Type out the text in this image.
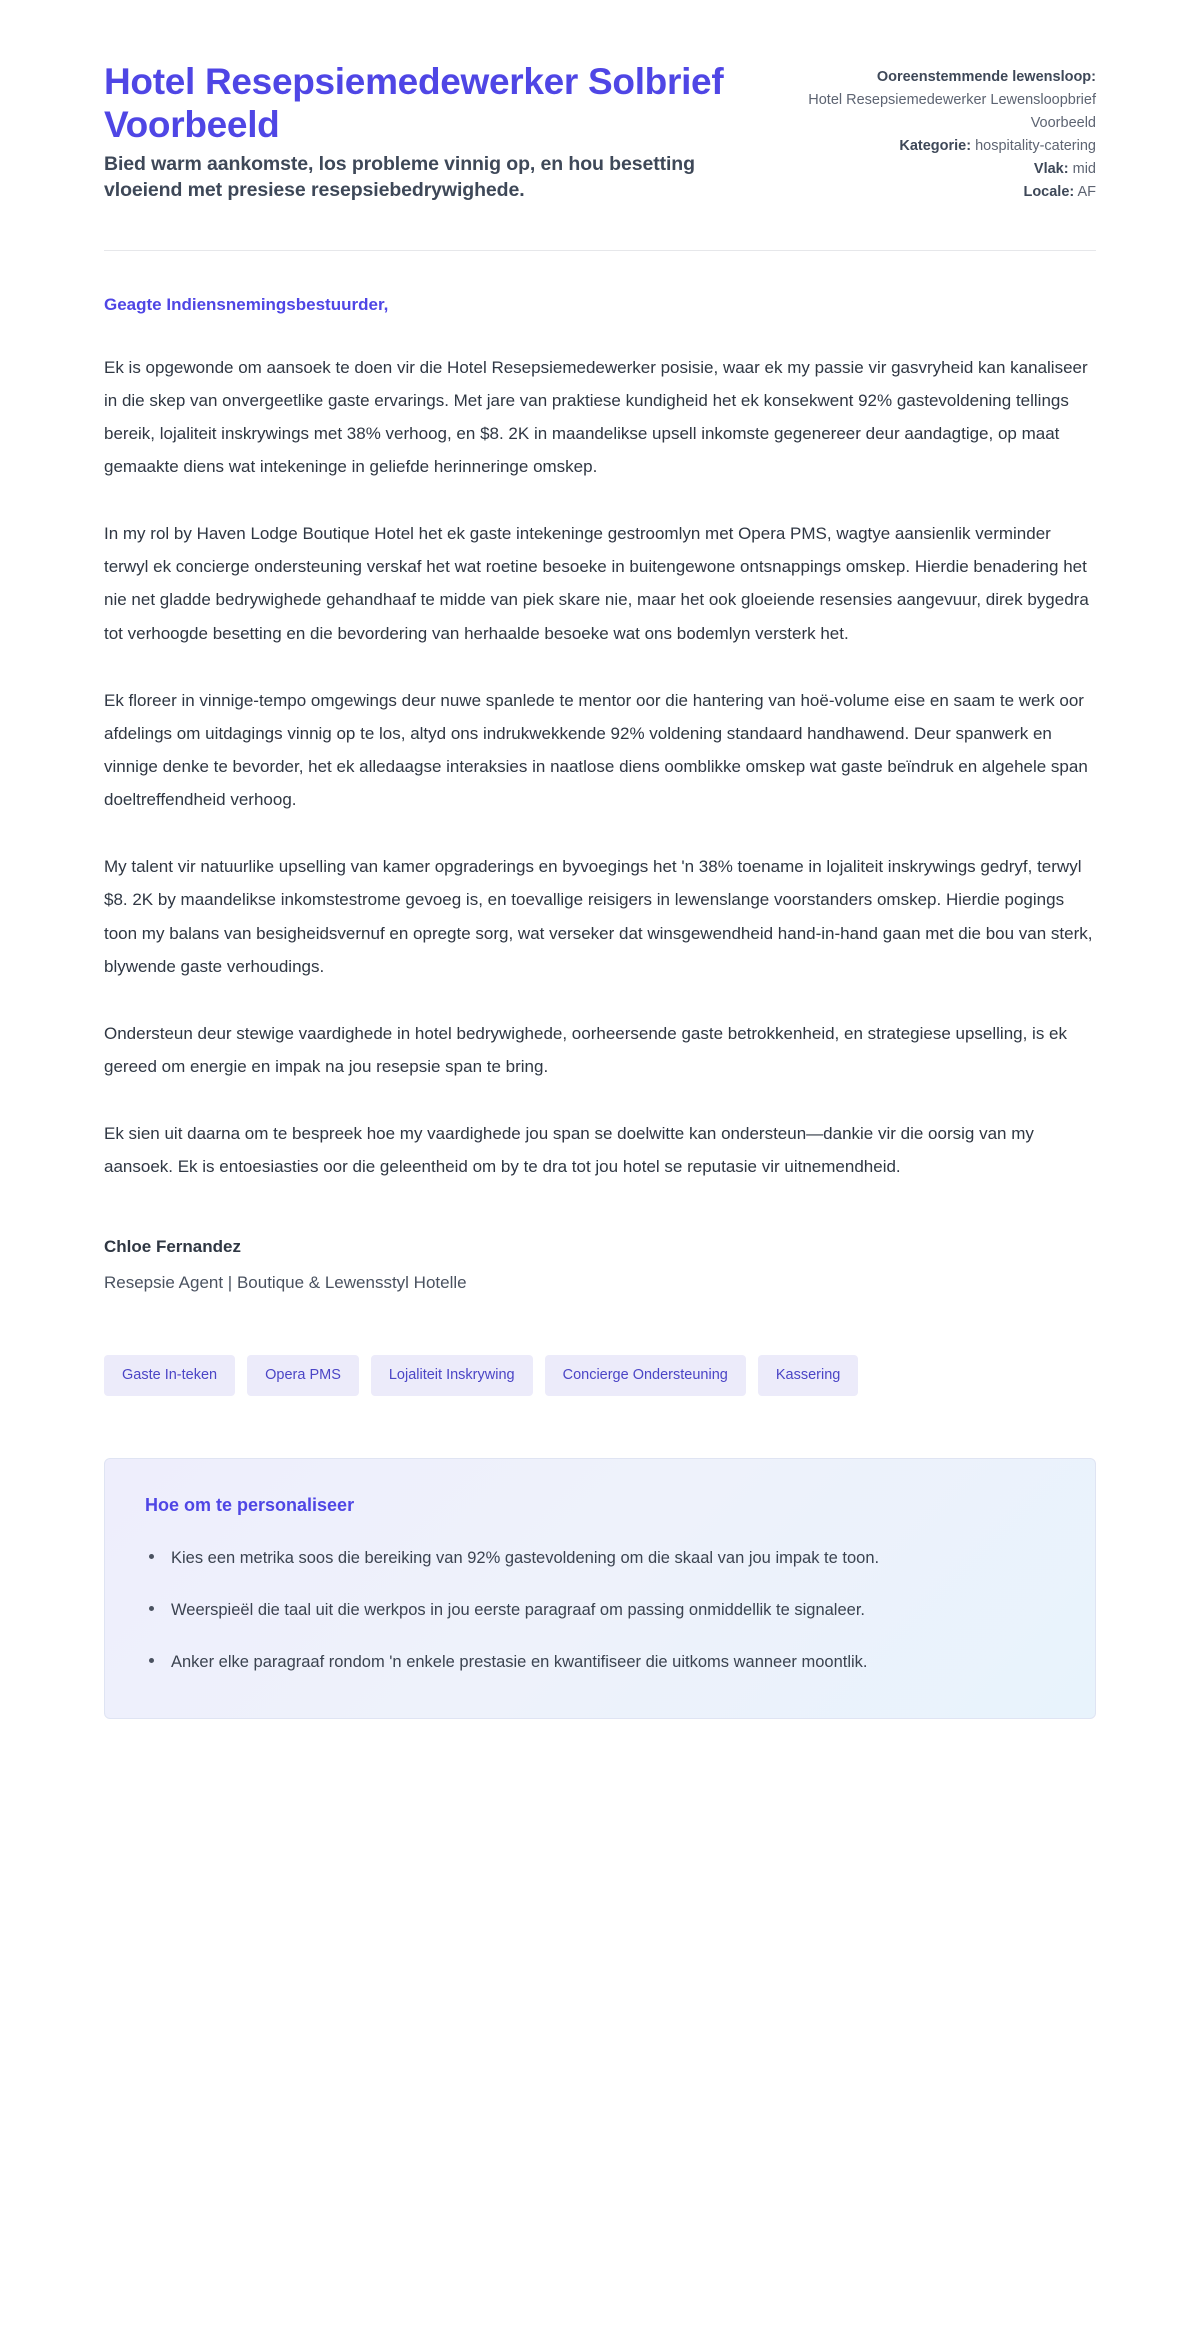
Hotel Resepsiemedewerker Solbrief Voorbeeld

Bied warm aankomste, los probleme vinnig op, en hou besetting vloeiend met presiese resepsiebedrywighede.

Ooreenstemmende lewensloop:
Hotel Resepsiemedewerker Lewensloopbrief Voorbeeld
Kategorie: hospitality-catering
Vlak: mid
Locale: AF

Geagte Indiensnemingsbestuurder,

Ek is opgewonde om aansoek te doen vir die Hotel Resepsiemedewerker posisie, waar ek my passie vir gasvryheid kan kanaliseer in die skep van onvergeetlike gaste ervarings. Met jare van praktiese kundigheid het ek konsekwent 92% gastevoldening tellings bereik, lojaliteit inskrywings met 38% verhoog, en $8. 2K in maandelikse upsell inkomste gegenereer deur aandagtige, op maat gemaakte diens wat intekeninge in geliefde herinneringe omskep.

In my rol by Haven Lodge Boutique Hotel het ek gaste intekeninge gestroomlyn met Opera PMS, wagtye aansienlik verminder terwyl ek concierge ondersteuning verskaf het wat roetine besoeke in buitengewone ontsnappings omskep. Hierdie benadering het nie net gladde bedrywighede gehandhaaf te midde van piek skare nie, maar het ook gloeiende resensies aangevuur, direk bygedra tot verhoogde besetting en die bevordering van herhaalde besoeke wat ons bodemlyn versterk het.

Ek floreer in vinnige-tempo omgewings deur nuwe spanlede te mentor oor die hantering van hoë-volume eise en saam te werk oor afdelings om uitdagings vinnig op te los, altyd ons indrukwekkende 92% voldening standaard handhawend. Deur spanwerk en vinnige denke te bevorder, het ek alledaagse interaksies in naatlose diens oomblikke omskep wat gaste beïndruk en algehele span doeltreffendheid verhoog.

My talent vir natuurlike upselling van kamer opgraderings en byvoegings het 'n 38% toename in lojaliteit inskrywings gedryf, terwyl $8. 2K by maandelikse inkomstestrome gevoeg is, en toevallige reisigers in lewenslange voorstanders omskep. Hierdie pogings toon my balans van besigheidsvernuf en opregte sorg, wat verseker dat winsgewendheid hand-in-hand gaan met die bou van sterk, blywende gaste verhoudings.

Ondersteun deur stewige vaardighede in hotel bedrywighede, oorheersende gaste betrokkenheid, en strategiese upselling, is ek gereed om energie en impak na jou resepsie span te bring.

Ek sien uit daarna om te bespreek hoe my vaardighede jou span se doelwitte kan ondersteun—dankie vir die oorsig van my aansoek. Ek is entoesiasties oor die geleentheid om by te dra tot jou hotel se reputasie vir uitnemendheid.

Chloe Fernandez

Resepsie Agent | Boutique & Lewensstyl Hotelle

Gaste In-teken	Opera PMS	Lojaliteit Inskrywing	Concierge Ondersteuning	Kassering
Hoe om te personaliseer
Kies een metrika soos die bereiking van 92% gastevoldening om die skaal van jou impak te toon.
Weerspieël die taal uit die werkpos in jou eerste paragraaf om passing onmiddellik te signaleer.
Anker elke paragraaf rondom 'n enkele prestasie en kwantifiseer die uitkoms wanneer moontlik.
